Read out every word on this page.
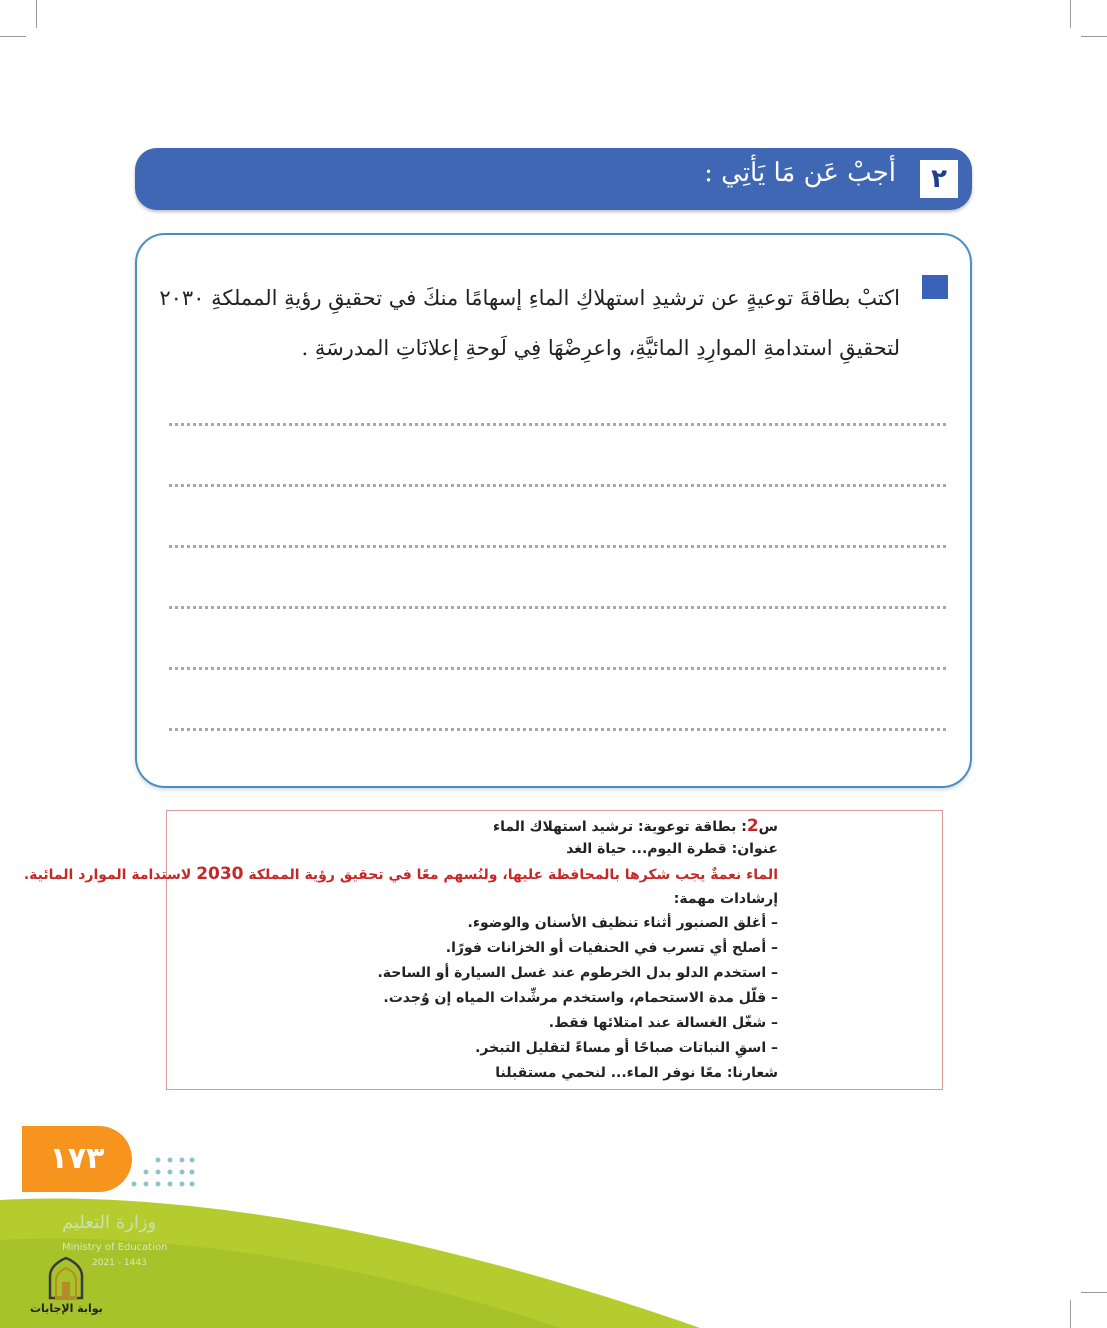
٢
أجبْ عَن مَا يَأتِي :
اكتبْ بطاقةَ توعيةٍ عن ترشيدِ استهلاكِ الماءِ إسهامًا منكَ في تحقيقِ رؤيةِ المملكةِ ٢٠٣٠ لتحقيقِ استدامةِ الموارِدِ المائيَّةِ، واعرِضْهَا فِي لَوحةِ إعلانَاتِ المدرسَةِ .
س2: بطاقة توعوية: ترشيد استهلاك الماء
عنوان: قطرة اليوم... حياة الغد
الماء نعمةٌ يجب شكرها بالمحافظة عليها، ولنُسهم معًا في تحقيق رؤية المملكة 2030 لاستدامة الموارد المائية.
إرشادات مهمة:
– أغلق الصنبور أثناء تنظيف الأسنان والوضوء.
– أصلح أي تسرب في الحنفيات أو الخزانات فورًا.
– استخدم الدلو بدل الخرطوم عند غسل السيارة أو الساحة.
– قلّل مدة الاستحمام، واستخدم مرشِّدات المياه إن وُجدت.
– شغّل الغسالة عند امتلائها فقط.
– اسقِ النباتات صباحًا أو مساءً لتقليل التبخر.
شعارنا: معًا نوفر الماء... لنحمي مستقبلنا
١٧٣
وزارة التعليم
Ministry of Education
2021 - 1443
بوابة الإجابات
